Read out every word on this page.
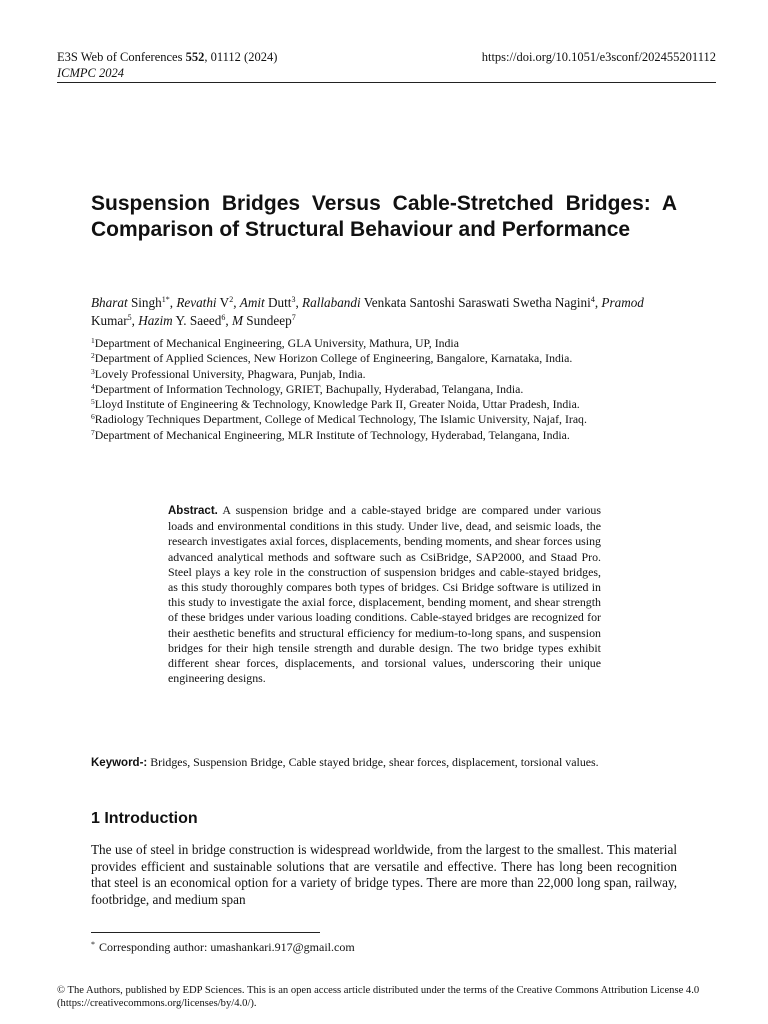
E3S Web of Conferences 552, 01112 (2024)
ICMPC 2024
https://doi.org/10.1051/e3sconf/202455201112
Suspension Bridges Versus Cable-Stretched Bridges: A Comparison of Structural Behaviour and Performance
Bharat Singh$^{1*}$, Revathi $V^2$, Amit Dutt$^3$, Rallabandi Venkata Santoshi Saraswati Swetha Nagini$^4$, Pramod Kumar$^5$, Hazim Y. Saeed$^6$, M Sundeep$^7$
$^1$Department of Mechanical Engineering, GLA University, Mathura, UP, India
$^2$Department of Applied Sciences, New Horizon College of Engineering, Bangalore, Karnataka, India.
$^3$Lovely Professional University, Phagwara, Punjab, India.
$^4$Department of Information Technology, GRIET, Bachupally, Hyderabad, Telangana, India.
$^5$Lloyd Institute of Engineering & Technology, Knowledge Park II, Greater Noida, Uttar Pradesh, India.
$^6$Radiology Techniques Department, College of Medical Technology, The Islamic University, Najaf, Iraq.
$^7$Department of Mechanical Engineering, MLR Institute of Technology, Hyderabad, Telangana, India.
Abstract. A suspension bridge and a cable-stayed bridge are compared under various loads and environmental conditions in this study. Under live, dead, and seismic loads, the research investigates axial forces, displacements, bending moments, and shear forces using advanced analytical methods and software such as CsiBridge, SAP2000, and Staad Pro. Steel plays a key role in the construction of suspension bridges and cable-stayed bridges, as this study thoroughly compares both types of bridges. Csi Bridge software is utilized in this study to investigate the axial force, displacement, bending moment, and shear strength of these bridges under various loading conditions. Cable-stayed bridges are recognized for their aesthetic benefits and structural efficiency for medium-to-long spans, and suspension bridges for their high tensile strength and durable design. The two bridge types exhibit different shear forces, displacements, and torsional values, underscoring their unique engineering designs.
Keyword-: Bridges, Suspension Bridge, Cable stayed bridge, shear forces, displacement, torsional values.
1 Introduction
The use of steel in bridge construction is widespread worldwide, from the largest to the smallest. This material provides efficient and sustainable solutions that are versatile and effective. There has long been recognition that steel is an economical option for a variety of bridge types. There are more than 22,000 long span, railway, footbridge, and medium span
* Corresponding author: umashankari.917@gmail.com
© The Authors, published by EDP Sciences. This is an open access article distributed under the terms of the Creative Commons Attribution License 4.0 (https://creativecommons.org/licenses/by/4.0/).
